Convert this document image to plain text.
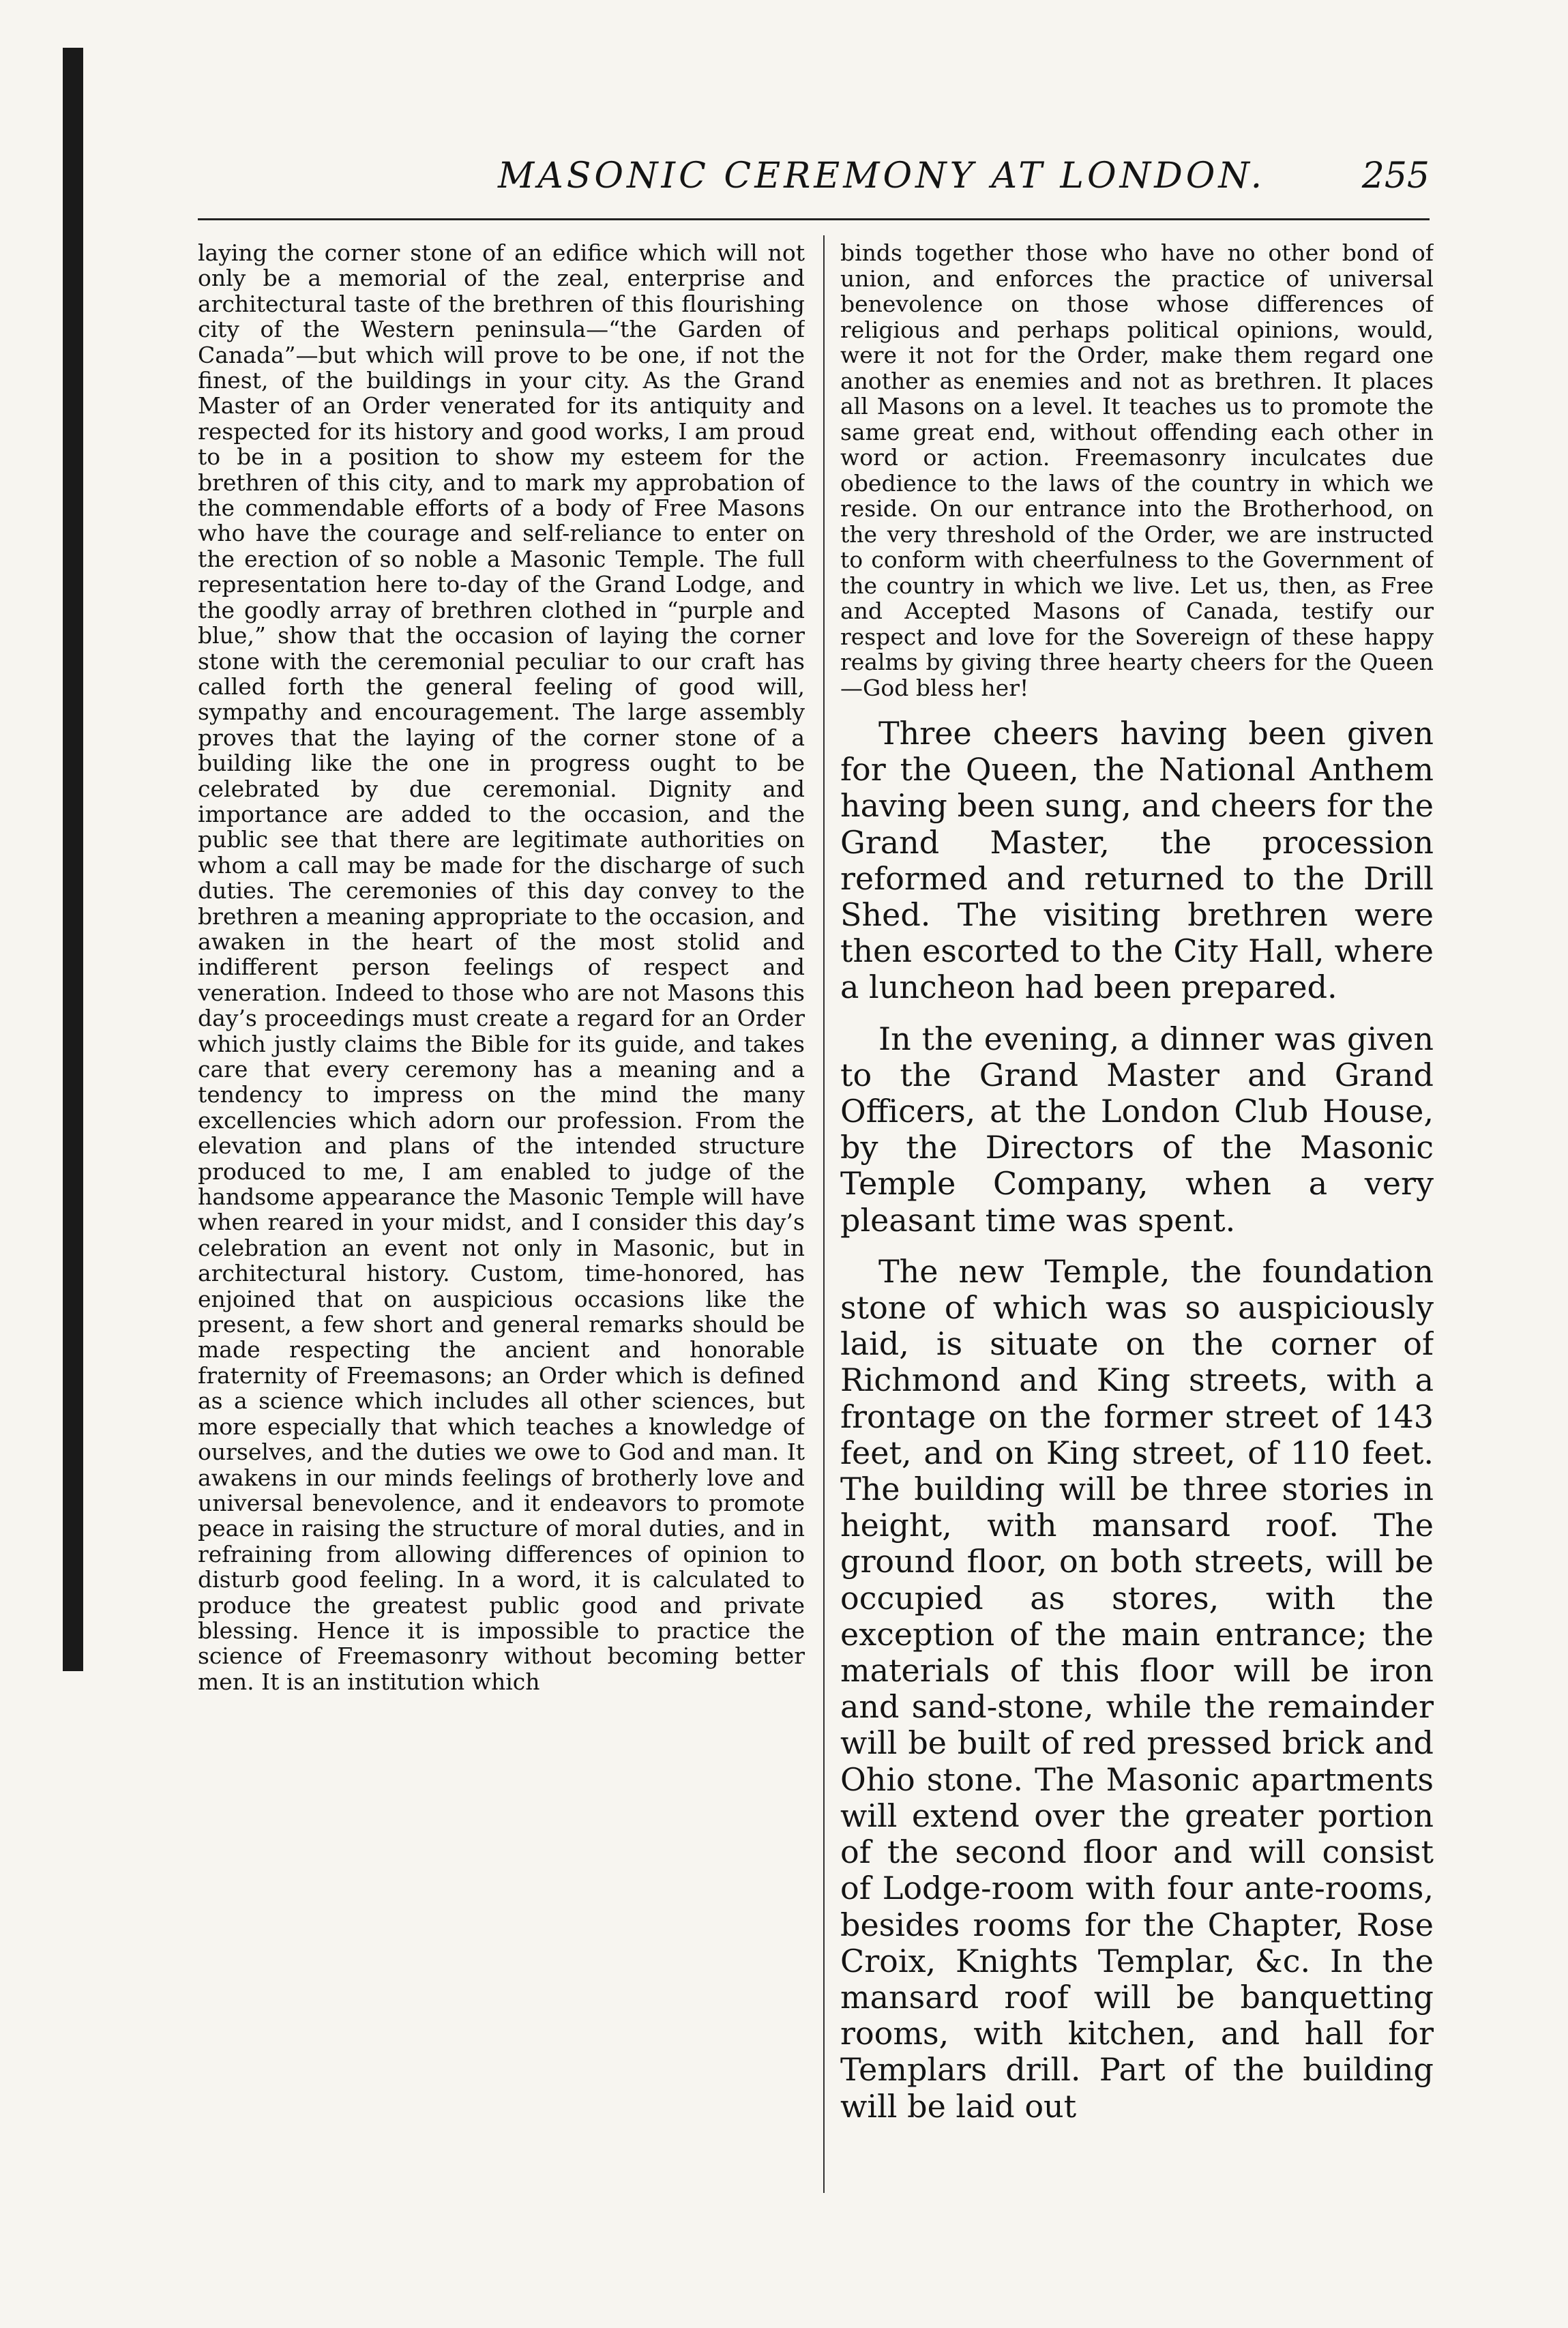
MASONIC CEREMONY AT LONDON.	255

laying the corner stone of an edifice which will not only be a memorial of the zeal, enterprise and architectural taste of the brethren of this flourishing city of the Western peninsula—“the Garden of Canada”—but which will prove to be one, if not the finest, of the buildings in your city. As the Grand Master of an Order venerated for its antiquity and respected for its history and good works, I am proud to be in a position to show my esteem for the brethren of this city, and to mark my approbation of the commendable efforts of a body of Free Masons who have the courage and self-reliance to enter on the erection of so noble a Masonic Temple. The full representation here to-day of the Grand Lodge, and the goodly array of brethren clothed in “purple and blue,” show that the occasion of laying the corner stone with the ceremonial peculiar to our craft has called forth the general feeling of good will, sympathy and encouragement. The large assembly proves that the laying of the corner stone of a building like the one in progress ought to be celebrated by due ceremonial. Dignity and importance are added to the occasion, and the public see that there are legitimate authorities on whom a call may be made for the discharge of such duties. The ceremonies of this day convey to the brethren a meaning appropriate to the occasion, and awaken in the heart of the most stolid and indifferent person feelings of respect and veneration. Indeed to those who are not Masons this day’s proceedings must create a regard for an Order which justly claims the Bible for its guide, and takes care that every ceremony has a meaning and a tendency to impress on the mind the many excellencies which adorn our profession. From the elevation and plans of the intended structure produced to me, I am enabled to judge of the handsome appearance the Masonic Temple will have when reared in your midst, and I consider this day’s celebration an event not only in Masonic, but in architectural history. Custom, time-honored, has enjoined that on auspicious occasions like the present, a few short and general remarks should be made respecting the ancient and honorable fraternity of Freemasons; an Order which is defined as a science which includes all other sciences, but more especially that which teaches a knowledge of ourselves, and the duties we owe to God and man. It awakens in our minds feelings of brotherly love and universal benevolence, and it endeavors to promote peace in raising the structure of moral duties, and in refraining from allowing differences of opinion to disturb good feeling. In a word, it is calculated to produce the greatest public good and private blessing. Hence it is impossible to practice the science of Freemasonry without becoming better men. It is an institution which

binds together those who have no other bond of union, and enforces the practice of universal benevolence on those whose differences of religious and perhaps political opinions, would, were it not for the Order, make them regard one another as enemies and not as brethren. It places all Masons on a level. It teaches us to promote the same great end, without offending each other in word or action. Freemasonry inculcates due obedience to the laws of the country in which we reside. On our entrance into the Brotherhood, on the very threshold of the Order, we are instructed to conform with cheerfulness to the Government of the country in which we live. Let us, then, as Free and Accepted Masons of Canada, testify our respect and love for the Sovereign of these happy realms by giving three hearty cheers for the Queen—God bless her!

Three cheers having been given for the Queen, the National Anthem having been sung, and cheers for the Grand Master, the procession reformed and returned to the Drill Shed. The visiting brethren were then escorted to the City Hall, where a luncheon had been prepared.

In the evening, a dinner was given to the Grand Master and Grand Officers, at the London Club House, by the Directors of the Masonic Temple Company, when a very pleasant time was spent.

The new Temple, the foundation stone of which was so auspiciously laid, is situate on the corner of Richmond and King streets, with a frontage on the former street of 143 feet, and on King street, of 110 feet. The building will be three stories in height, with mansard roof. The ground floor, on both streets, will be occupied as stores, with the exception of the main entrance; the materials of this floor will be iron and sand-stone, while the remainder will be built of red pressed brick and Ohio stone. The Masonic apartments will extend over the greater portion of the second floor and will consist of Lodge-room with four ante-rooms, besides rooms for the Chapter, Rose Croix, Knights Templar, &c. In the mansard roof will be banquetting rooms, with kitchen, and hall for Templars drill. Part of the building will be laid out
